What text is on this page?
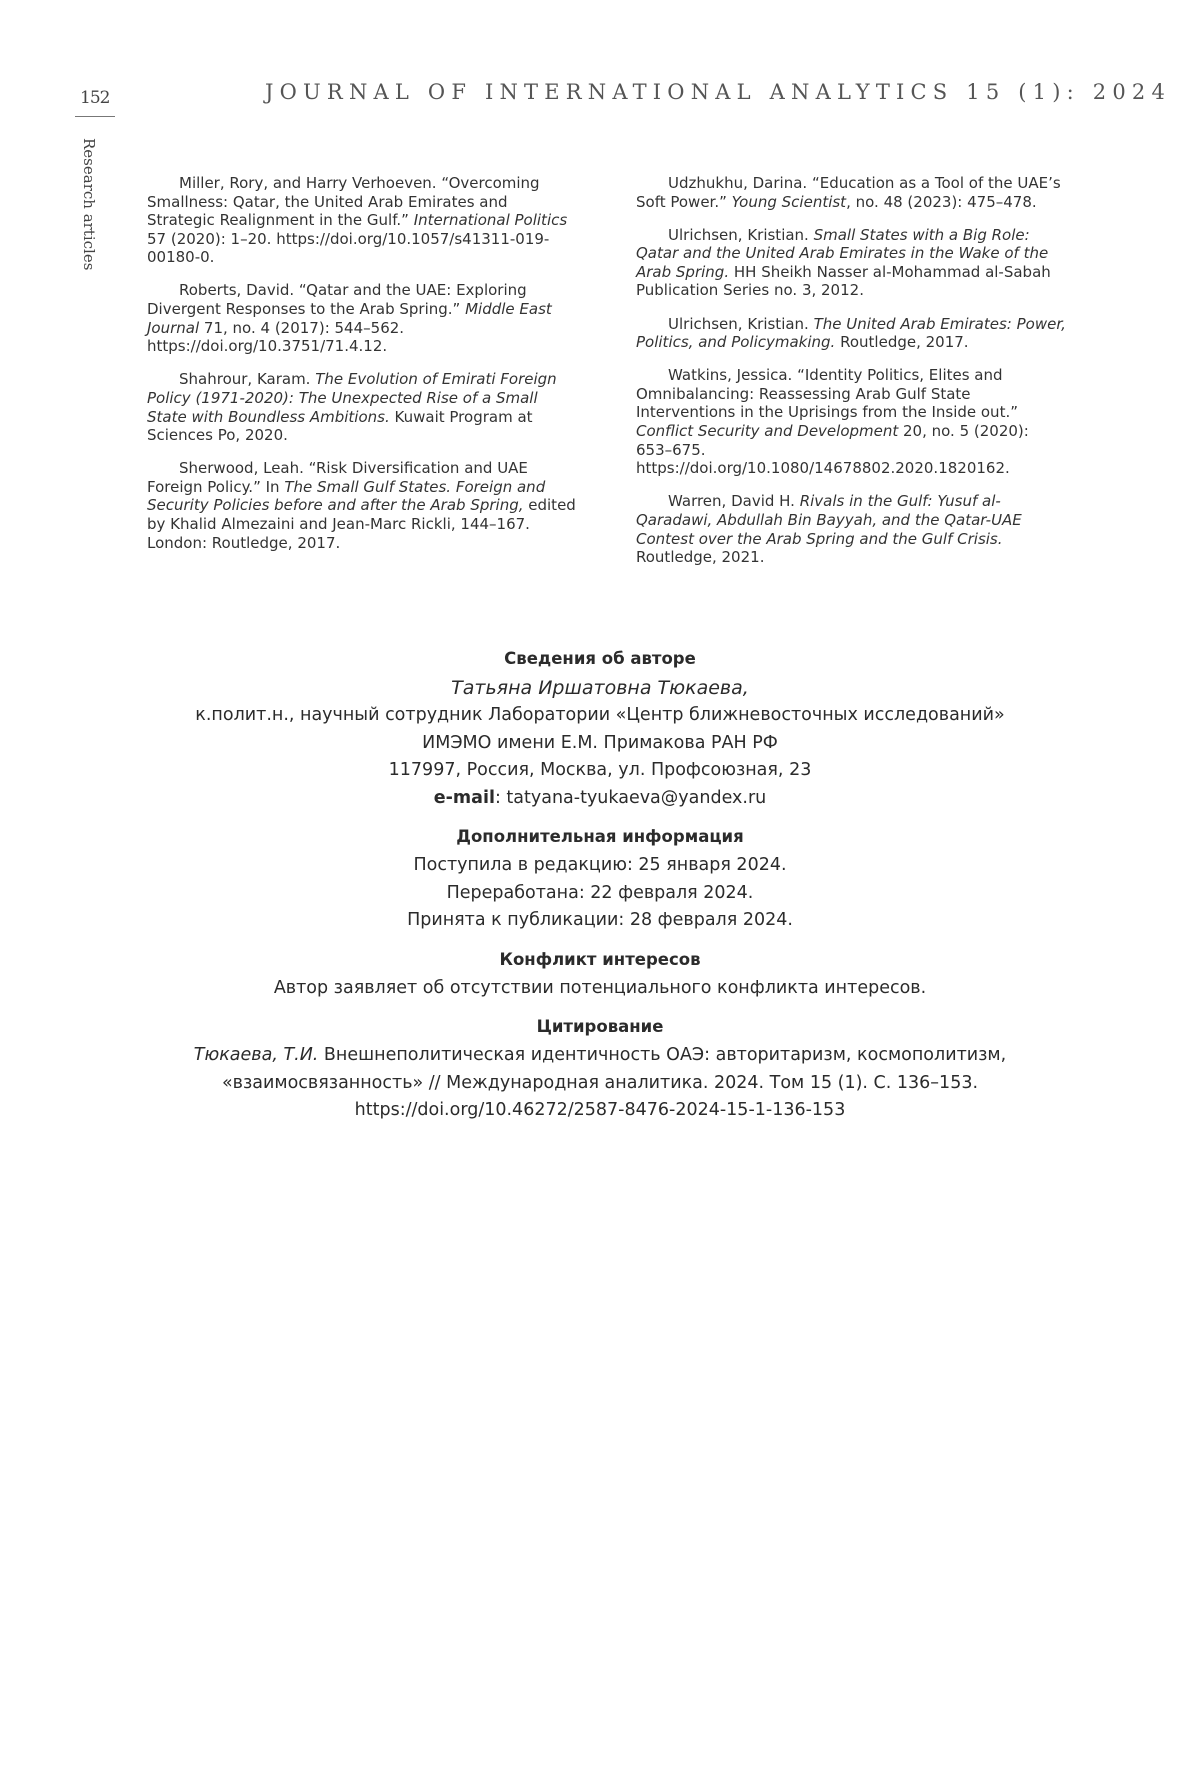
152	JOURNAL OF INTERNATIONAL ANALYTICS 15 (1): 2024
Research articles	Miller, Rory, and Harry Verhoeven. “Overcoming Smallness: Qatar, the United Arab Emirates and Strategic Realignment in the Gulf.” International Politics 57 (2020): 1–20. https://doi.org/10.1057/s41311-019-00180-0.

Roberts, David. “Qatar and the UAE: Exploring Divergent Responses to the Arab Spring.” Middle East Journal 71, no. 4 (2017): 544–562. https://doi.org/10.3751/71.4.12.

Shahrour, Karam. The Evolution of Emirati Foreign Policy (1971-2020): The Unexpected Rise of a Small State with Boundless Ambitions. Kuwait Program at Sciences Po, 2020.

Sherwood, Leah. “Risk Diversification and UAE Foreign Policy.” In The Small Gulf States. Foreign and Security Policies before and after the Arab Spring, edited by Khalid Almezaini and Jean-Marc Rickli, 144–167. London: Routledge, 2017.

Udzhukhu, Darina. “Education as a Tool of the UAE’s Soft Power.” Young Scientist, no. 48 (2023): 475–478.

Ulrichsen, Kristian. Small States with a Big Role: Qatar and the United Arab Emirates in the Wake of the Arab Spring. HH Sheikh Nasser al-Mohammad al-Sabah Publication Series no. 3, 2012.

Ulrichsen, Kristian. The United Arab Emirates: Power, Politics, and Policymaking. Routledge, 2017.

Watkins, Jessica. “Identity Politics, Elites and Omnibalancing: Reassessing Arab Gulf State Interventions in the Uprisings from the Inside out.” Conflict Security and Development 20, no. 5 (2020): 653–675. https://doi.org/10.1080/14678802.2020.1820162.

Warren, David H. Rivals in the Gulf: Yusuf al-Qaradawi, Abdullah Bin Bayyah, and the Qatar-UAE Contest over the Arab Spring and the Gulf Crisis. Routledge, 2021.

Сведения об авторе
Татьяна Иршатовна Тюкаева,
к.полит.н., научный сотрудник Лаборатории «Центр ближневосточных исследований»
ИМЭМО имени Е.М. Примакова РАН РФ
117997, Россия, Москва, ул. Профсоюзная, 23
e-mail: tatyana-tyukaeva@yandex.ru
Дополнительная информация
Поступила в редакцию: 25 января 2024.
Переработана: 22 февраля 2024.
Принята к публикации: 28 февраля 2024.
Конфликт интересов
Автор заявляет об отсутствии потенциального конфликта интересов.
Цитирование
Тюкаева, Т.И. Внешнеполитическая идентичность ОАЭ: авторитаризм, космополитизм,
«взаимосвязанность» // Международная аналитика. 2024. Том 15 (1). С. 136–153.
https://doi.org/10.46272/2587-8476-2024-15-1-136-153
